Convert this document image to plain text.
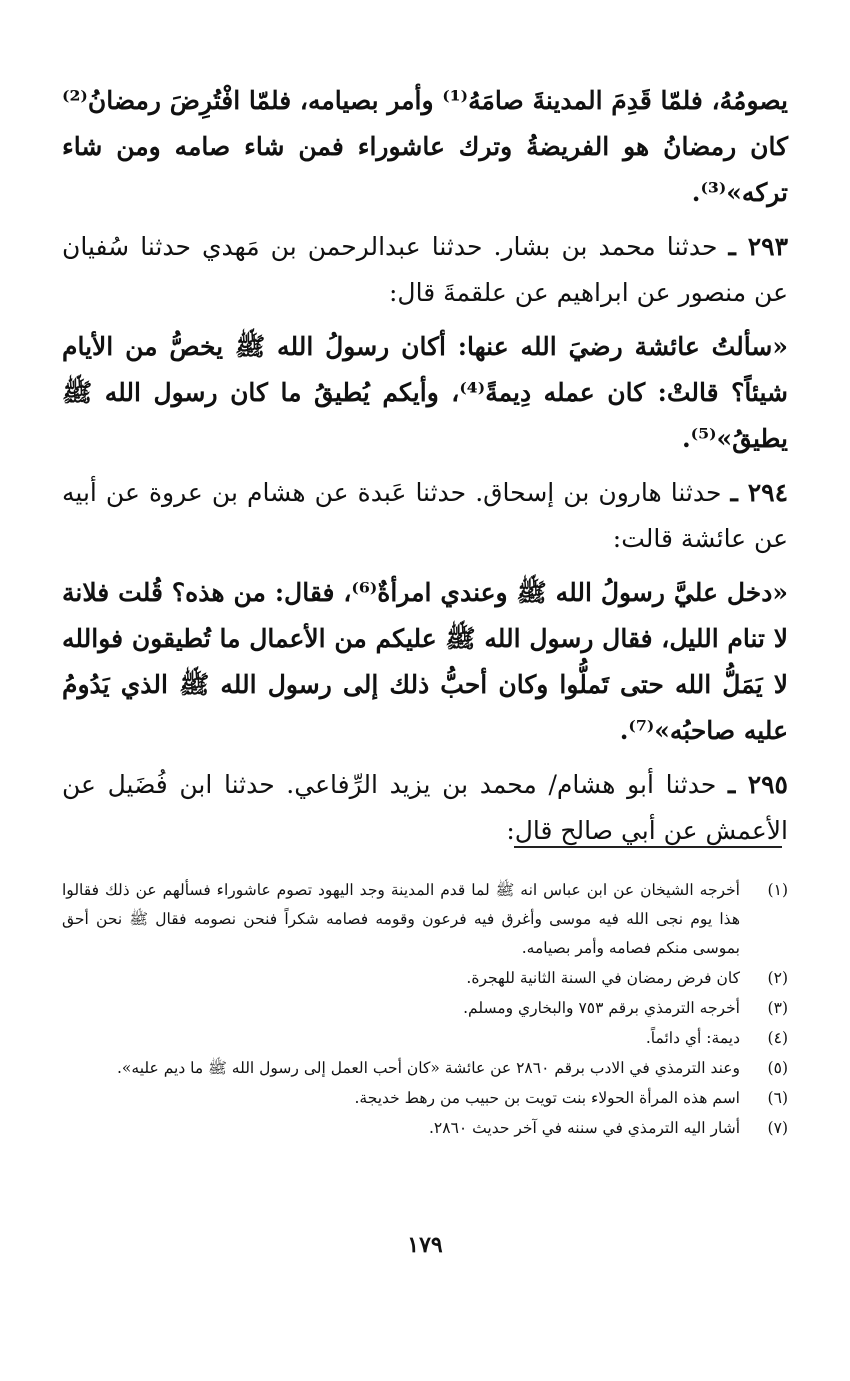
يصومُهُ، فلمّا قَدِمَ المدينةَ صامَهُ⁽¹⁾ وأمر بصيامه، فلمّا افْتُرِضَ رمضانُ⁽²⁾ كان رمضانُ هو الفريضةُ وترك عاشوراء فمن شاء صامه ومن شاء تركه»⁽³⁾.

٢٩٣ ـ حدثنا محمد بن بشار. حدثنا عبدالرحمن بن مَهدي حدثنا سُفيان عن منصور عن ابراهيم عن علقمةَ قال:

«سألتُ عائشة رضيَ الله عنها: أكان رسولُ الله ﷺ يخصُّ من الأيام شيئاً؟ قالتْ: كان عمله دِيمةً⁽⁴⁾، وأيكم يُطيقُ ما كان رسول الله ﷺ يطيقُ»⁽⁵⁾.

٢٩٤ ـ حدثنا هارون بن إسحاق. حدثنا عَبدة عن هشام بن عروة عن أبيه عن عائشة قالت:

«دخل عليَّ رسولُ الله ﷺ وعندي امرأةٌ⁽⁶⁾، فقال: من هذه؟ قُلت فلانة لا تنام الليل، فقال رسول الله ﷺ عليكم من الأعمال ما تُطيقون فوالله لا يَمَلُّ الله حتى تَملُّوا وكان أحبُّ ذلك إلى رسول الله ﷺ الذي يَدُومُ عليه صاحبُه»⁽⁷⁾.

٢٩٥ ـ حدثنا أبو هشام/ محمد بن يزيد الرِّفاعي. حدثنا ابن فُضَيل عن الأعمش عن أبي صالح قال:

(١)
أخرجه الشيخان عن ابن عباس انه ﷺ لما قدم المدينة وجد اليهود تصوم عاشوراء فسألهم عن ذلك فقالوا هذا يوم نجى الله فيه موسى وأغرق فيه فرعون وقومه فصامه شكراً فنحن نصومه فقال ﷺ نحن أحق بموسى منكم فصامه وأمر بصيامه.
(٢)
كان فرض رمضان في السنة الثانية للهجرة.
(٣)
أخرجه الترمذي برقم ٧٥٣ والبخاري ومسلم.
(٤)
ديمة: أي دائماً.
(٥)
وعند الترمذي في الادب برقم ٢٨٦٠ عن عائشة «كان أحب العمل إلى رسول الله ﷺ ما ديم عليه».
(٦)
اسم هذه المرأة الحولاء بنت تويت بن حبيب من رهط خديجة.
(٧)
أشار اليه الترمذي في سننه في آخر حديث ٢٨٦٠.
١٧٩
